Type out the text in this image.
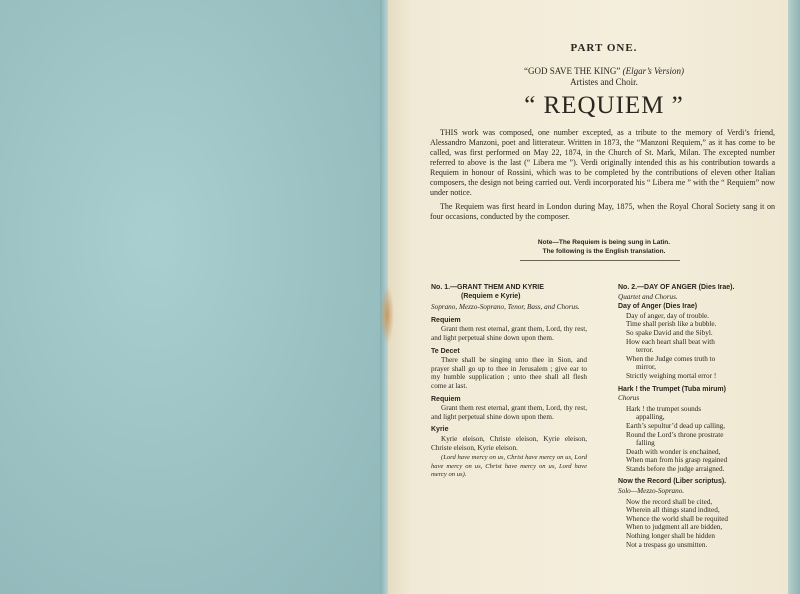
PART ONE.
“GOD SAVE THE KING” (Elgar’s Version)
Artistes and Choir.
“ REQUIEM ”

THIS work was composed, one number excepted, as a tribute to the memory of Verdi’s friend, Alessandro Manzoni, poet and litterateur. Written in 1873, the “Manzoni Requiem,” as it has come to be called, was first performed on May 22, 1874, in the Church of St. Mark, Milan. The excepted number referred to above is the last (“ Libera me ”). Verdi originally intended this as his contribution towards a Requiem in honour of Rossini, which was to be completed by the contributions of eleven other Italian composers, the design not being carried out. Verdi incorporated his “ Libera me ” with the “ Requiem” now under notice.

The Requiem was first heard in London during May, 1875, when the Royal Choral Society sang it on four occasions, conducted by the composer.

Note—The Requiem is being sung in Latin.
The following is the English translation.
No. 1.—GRANT THEM AND KYRIE
(Requiem e Kyrie)
Soprano, Mezzo-Soprano, Tenor, Bass, and Chorus.
Requiem

Grant them rest eternal, grant them, Lord, thy rest, and light perpetual shine down upon them.

Te Decet

There shall be singing unto thee in Sion, and prayer shall go up to thee in Jerusalem ; give ear to my humble supplication ; unto thee shall all flesh come at last.

Requiem

Grant them rest eternal, grant them, Lord, thy rest, and light perpetual shine down upon them.

Kyrie

Kyrie eleison, Christe eleison, Kyrie eleison, Christe eleison, Kyrie eleison.

(Lord have mercy on us, Christ have mercy on us, Lord have mercy on us, Christ have mercy on us, Lord have mercy on us).

No. 2.—DAY OF ANGER (Dies Irae).
Quartet and Chorus.
Day of Anger (Dies Irae)
Day of anger, day of trouble.
Time shall perish like a bubble.
So spake David and the Sibyl.
How each heart shall beat with
terror.
When the Judge comes truth to
mirror,
Strictly weighing mortal error !
Hark ! the Trumpet (Tuba mirum)
Chorus
Hark ! the trumpet sounds
appalling,
Earth’s sepultur’d dead up calling,
Round the Lord’s throne prostrate
falling
Death with wonder is enchained,
When man from his grasp regained
Stands before the judge arraigned.
Now the Record (Liber scriptus).
Solo—Mezzo-Soprano.
Now the record shall be cited,
Wherein all things stand indited,
Whence the world shall be requited
When to judgment all are bidden,
Nothing longer shall be hidden
Not a trespass go unsmitten.
